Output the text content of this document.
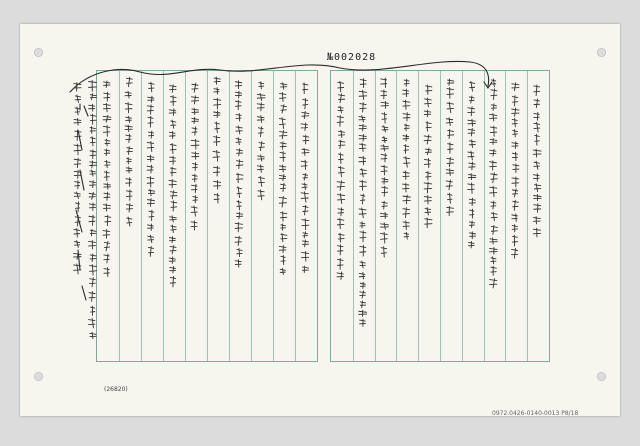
№002028
(26820)
0972.0426-0140-0013 P8/18
